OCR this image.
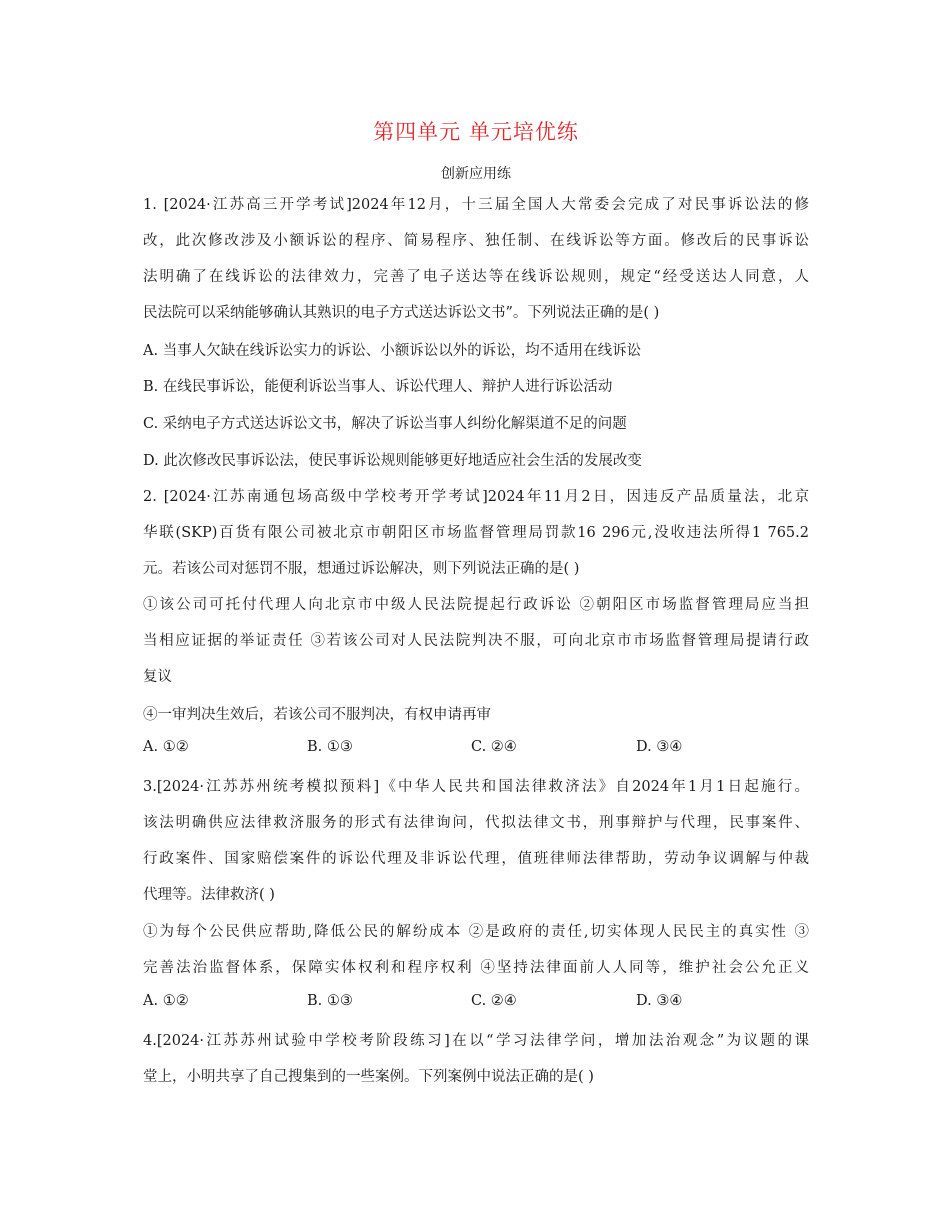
第四单元 单元培优练
创新应用练
1. [2024·江苏高三开学考试]2024年12月，十三届全国人大常委会完成了对民事诉讼法的修
改，此次修改涉及小额诉讼的程序、简易程序、独任制、在线诉讼等方面。修改后的民事诉讼
法明确了在线诉讼的法律效力，完善了电子送达等在线诉讼规则，规定“经受送达人同意，人
民法院可以采纳能够确认其熟识的电子方式送达诉讼文书”。下列说法正确的是( )
A. 当事人欠缺在线诉讼实力的诉讼、小额诉讼以外的诉讼，均不适用在线诉讼
B. 在线民事诉讼，能便利诉讼当事人、诉讼代理人、辩护人进行诉讼活动
C. 采纳电子方式送达诉讼文书，解决了诉讼当事人纠纷化解渠道不足的问题
D. 此次修改民事诉讼法，使民事诉讼规则能够更好地适应社会生活的发展改变
2. [2024·江苏南通包场高级中学校考开学考试]2024年11月2日，因违反产品质量法，北京
华联(SKP)百货有限公司被北京市朝阳区市场监督管理局罚款16 296元,没收违法所得1 765.2
元。若该公司对惩罚不服，想通过诉讼解决，则下列说法正确的是( )
①该公司可托付代理人向北京市中级人民法院提起行政诉讼 ②朝阳区市场监督管理局应当担
当相应证据的举证责任 ③若该公司对人民法院判决不服，可向北京市市场监督管理局提请行政
复议
④一审判决生效后，若该公司不服判决，有权申请再审
A. ①②	B. ①③	C. ②④	D. ③④
3.[2024·江苏苏州统考模拟预料]《中华人民共和国法律救济法》自2024年1月1日起施行。
该法明确供应法律救济服务的形式有法律询问，代拟法律文书，刑事辩护与代理，民事案件、
行政案件、国家赔偿案件的诉讼代理及非诉讼代理，值班律师法律帮助，劳动争议调解与仲裁
代理等。法律救济( )
①为每个公民供应帮助,降低公民的解纷成本 ②是政府的责任,切实体现人民民主的真实性 ③
完善法治监督体系，保障实体权利和程序权利 ④坚持法律面前人人同等，维护社会公允正义
A. ①②	B. ①③	C. ②④	D. ③④
4.[2024·江苏苏州试验中学校考阶段练习]在以“学习法律学问，增加法治观念”为议题的课
堂上，小明共享了自己搜集到的一些案例。下列案例中说法正确的是( )
